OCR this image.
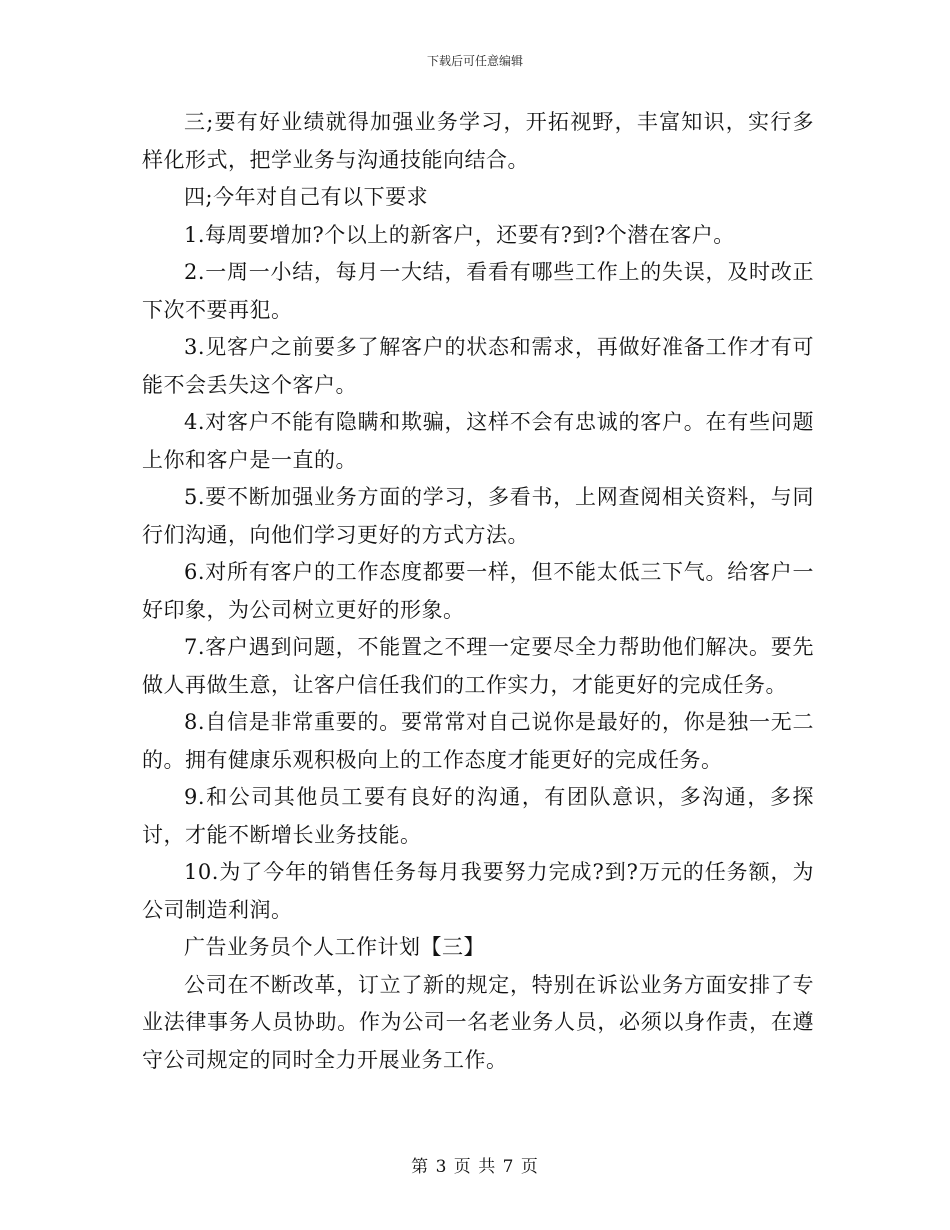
下载后可任意编辑

三;要有好业绩就得加强业务学习，开拓视野，丰富知识，实行多样化形式，把学业务与沟通技能向结合。

四;今年对自己有以下要求

1.每周要增加?个以上的新客户，还要有?到?个潜在客户。

2.一周一小结，每月一大结，看看有哪些工作上的失误，及时改正下次不要再犯。

3.见客户之前要多了解客户的状态和需求，再做好准备工作才有可能不会丢失这个客户。

4.对客户不能有隐瞒和欺骗，这样不会有忠诚的客户。在有些问题上你和客户是一直的。

5.要不断加强业务方面的学习，多看书，上网查阅相关资料，与同行们沟通，向他们学习更好的方式方法。

6.对所有客户的工作态度都要一样，但不能太低三下气。给客户一好印象，为公司树立更好的形象。

7.客户遇到问题，不能置之不理一定要尽全力帮助他们解决。要先做人再做生意，让客户信任我们的工作实力，才能更好的完成任务。

8.自信是非常重要的。要常常对自己说你是最好的，你是独一无二的。拥有健康乐观积极向上的工作态度才能更好的完成任务。

9.和公司其他员工要有良好的沟通，有团队意识，多沟通，多探讨，才能不断增长业务技能。

10.为了今年的销售任务每月我要努力完成?到?万元的任务额，为公司制造利润。

广告业务员个人工作计划【三】

公司在不断改革，订立了新的规定，特别在诉讼业务方面安排了专业法律事务人员协助。作为公司一名老业务人员，必须以身作责，在遵守公司规定的同时全力开展业务工作。

第 3 页 共 7 页
